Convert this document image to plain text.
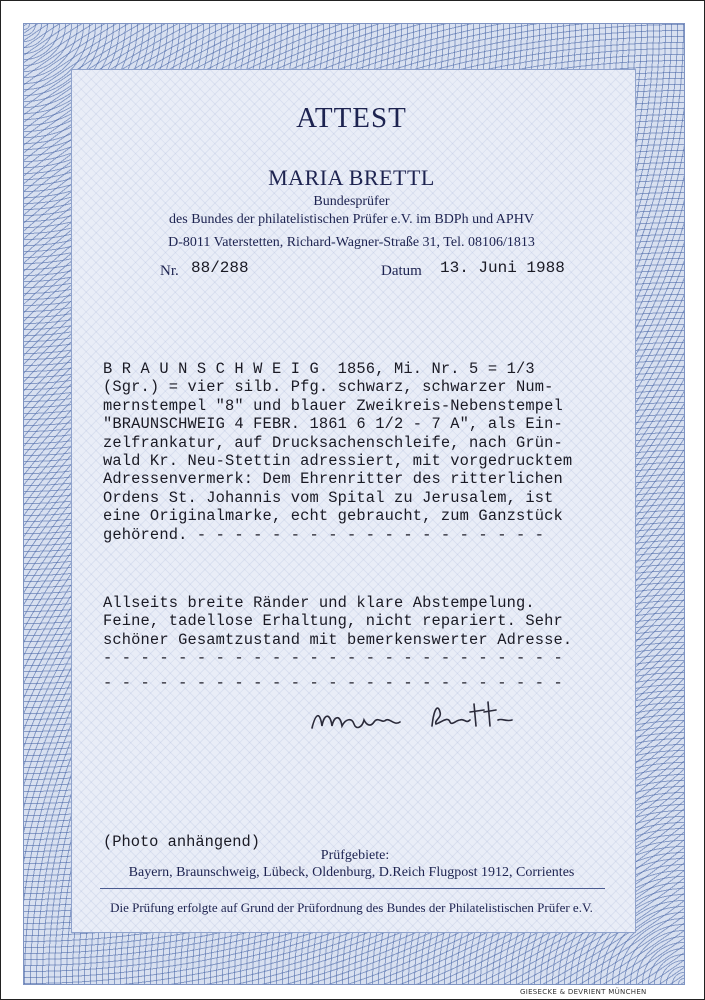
ATTEST
MARIA BRETTL
Bundesprüfer
des Bundes der philatelistischen Prüfer e.V. im BDPh und APHV
D-8011 Vaterstetten, Richard-Wagner-Straße 31, Tel. 08106/1813
Nr. 88/288	Datum 13. Juni 1988
B R A U N S C H W E I G  1856, Mi. Nr. 5 = 1/3
(Sgr.) = vier silb. Pfg. schwarz, schwarzer Num-
mernstempel "8" und blauer Zweikreis-Nebenstempel
"BRAUNSCHWEIG 4 FEBR. 1861 6 1/2 - 7 A", als Ein-
zelfrankatur, auf Drucksachenschleife, nach Grün-
wald Kr. Neu-Stettin adressiert, mit vorgedrucktem
Adressenvermerk: Dem Ehrenritter des ritterlichen
Ordens St. Johannis vom Spital zu Jerusalem, ist
eine Originalmarke, echt gebraucht, zum Ganzstück
gehörend. - - - - - - - - - - - - - - - - - - -
Allseits breite Ränder und klare Abstempelung.
Feine, tadellose Erhaltung, nicht repariert. Sehr
schöner Gesamtzustand mit bemerkenswerter Adresse.
- - - - - - - - - - - - - - - - - - - - - - - - -
- - - - - - - - - - - - - - - - - - - - - - - - -
(Photo anhängend)
Prüfgebiete:
Bayern, Braunschweig, Lübeck, Oldenburg, D.Reich Flugpost 1912, Corrientes
Die Prüfung erfolgte auf Grund der Prüfordnung des Bundes der Philatelistischen Prüfer e.V.
GIESECKE & DEVRIENT MÜNCHEN
